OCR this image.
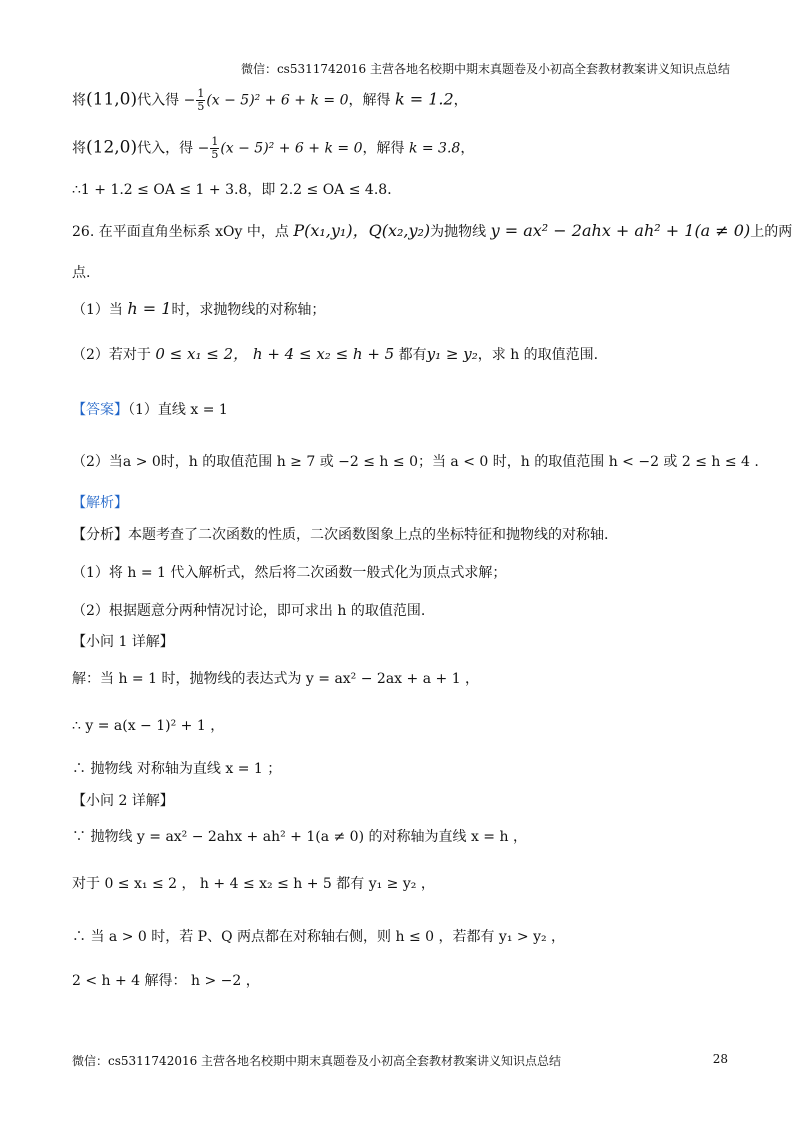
微信：cs5311742016 主营各地名校期中期末真题卷及小初高全套教材教案讲义知识点总结
将(11,0)代入得 − $\frac{1}{5} (x - 5)^2 + 6 + k = 0$，解得 k = 1.2，
将(12,0)代入，得 − $\frac{1}{5} (x - 5)^2 + 6 + k = 0$，解得 k = 3.8，
∴1 + 1.2 ≤ OA ≤ 1 + 3.8，即 2.2 ≤ OA ≤ 4.8．
26. 在平面直角坐标系 xOy 中，点 P(x₁,y₁)，Q(x₂,y₂)为抛物线 y = ax² − 2ahx + ah² + 1(a ≠ 0)上的两
点.
（1）当 h = 1时，求抛物线的对称轴；
（2）若对于 0 ≤ x₁ ≤ 2， h + 4 ≤ x₂ ≤ h + 5 都有y₁ ≥ y₂，求 h 的取值范围.
【答案】（1）直线 x = 1
（2）当a > 0时，h 的取值范围 h ≥ 7 或 −2 ≤ h ≤ 0；当 a < 0 时，h 的取值范围 h < −2 或 2 ≤ h ≤ 4 .
【解析】
【分析】本题考查了二次函数的性质，二次函数图象上点的坐标特征和抛物线的对称轴.
（1）将 h = 1 代入解析式，然后将二次函数一般式化为顶点式求解；
（2）根据题意分两种情况讨论，即可求出 h 的取值范围.
【小问 1 详解】
解：当 h = 1 时，抛物线的表达式为 y = ax² − 2ax + a + 1 ，
∴ y = a(x − 1)² + 1 ，
∴ 抛物线 对称轴为直线 x = 1 ；
【小问 2 详解】
∵ 抛物线 y = ax² − 2ahx + ah² + 1(a ≠ 0) 的对称轴为直线 x = h ，
对于 0 ≤ x₁ ≤ 2 ， h + 4 ≤ x₂ ≤ h + 5 都有 y₁ ≥ y₂ ，
∴ 当 a > 0 时，若 P、Q 两点都在对称轴右侧，则 h ≤ 0 ，若都有 y₁ > y₂ ，
2 < h + 4 解得： h > −2 ，
微信：cs5311742016 主营各地名校期中期末真题卷及小初高全套教材教案讲义知识点总结	28
